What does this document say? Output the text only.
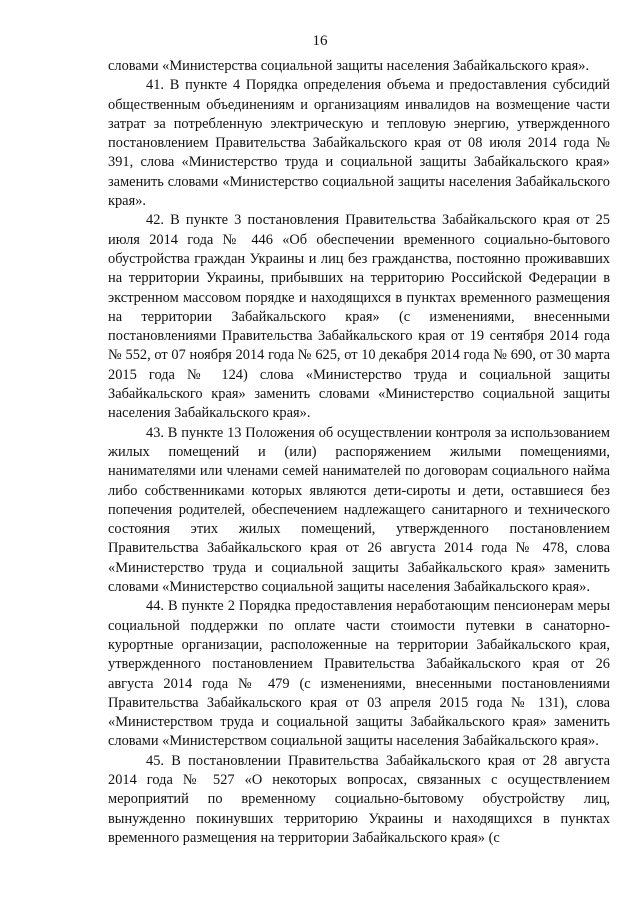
16

словами «Министерства социальной защиты населения Забайкальского края».

41. В пункте 4 Порядка определения объема и предоставления субсидий общественным объединениям и организациям инвалидов на возмещение части затрат за потребленную электрическую и тепловую энергию, утвержденного постановлением Правительства Забайкальского края от 08 июля 2014 года № 391, слова «Министерство труда и социальной защиты Забайкальского края» заменить словами «Министерство социальной защиты населения Забайкальского края».

42. В пункте 3 постановления Правительства Забайкальского края от 25 июля 2014 года № 446 «Об обеспечении временного социально-бытового обустройства граждан Украины и лиц без гражданства, постоянно проживавших на территории Украины, прибывших на территорию Российской Федерации в экстренном массовом порядке и находящихся в пунктах временного размещения на территории Забайкальского края» (с изменениями, внесенными постановлениями Правительства Забайкальского края от 19 сентября 2014 года № 552, от 07 ноября 2014 года № 625, от 10 декабря 2014 года № 690, от 30 марта 2015 года № 124) слова «Министерство труда и социальной защиты Забайкальского края» заменить словами «Министерство социальной защиты населения Забайкальского края».

43. В пункте 13 Положения об осуществлении контроля за использованием жилых помещений и (или) распоряжением жилыми помещениями, нанимателями или членами семей нанимателей по договорам социального найма либо собственниками которых являются дети-сироты и дети, оставшиеся без попечения родителей, обеспечением надлежащего санитарного и технического состояния этих жилых помещений, утвержденного постановлением Правительства Забайкальского края от 26 августа 2014 года № 478, слова «Министерство труда и социальной защиты Забайкальского края» заменить словами «Министерство социальной защиты населения Забайкальского края».

44. В пункте 2 Порядка предоставления неработающим пенсионерам меры социальной поддержки по оплате части стоимости путевки в санаторно-курортные организации, расположенные на территории Забайкальского края, утвержденного постановлением Правительства Забайкальского края от 26 августа 2014 года № 479 (с изменениями, внесенными постановлениями Правительства Забайкальского края от 03 апреля 2015 года № 131), слова «Министерством труда и социальной защиты Забайкальского края» заменить словами «Министерством социальной защиты населения Забайкальского края».

45. В постановлении Правительства Забайкальского края от 28 августа 2014 года № 527 «О некоторых вопросах, связанных с осуществлением мероприятий по временному социально-бытовому обустройству лиц, вынужденно покинувших территорию Украины и находящихся в пунктах временного размещения на территории Забайкальского края» (с
